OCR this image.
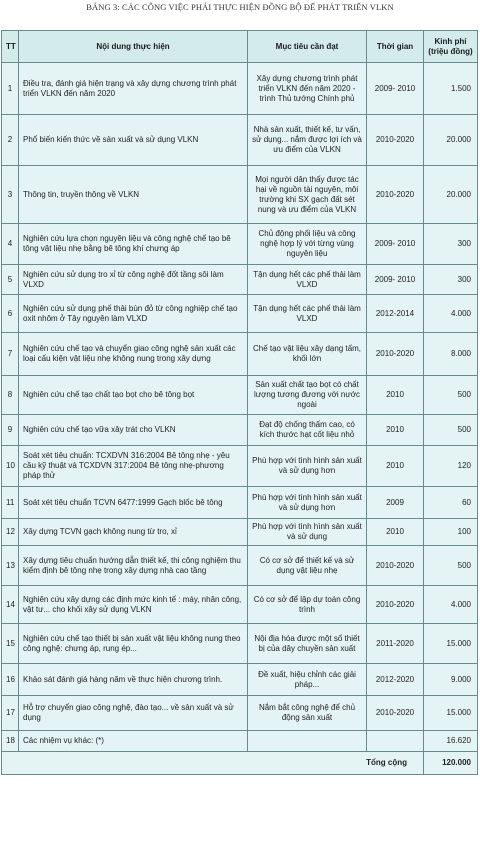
BẢNG 3: CÁC CÔNG VIỆC PHẢI THỰC HIỆN ĐỒNG BỘ ĐỂ PHÁT TRIỂN VLKN
TT	Nội dung thực hiện	Mục tiêu cần đạt	Thời gian	Kinh phí (triệu đồng)
1	Điều tra, đánh giá hiện trạng và xây dựng chương trình phát triển VLKN đến năm 2020	Xây dựng chương trình phát triển VLKN đến năm 2020 - trình Thủ tướng Chính phủ	2009- 2010	1.500
2	Phổ biến kiến thức về sản xuất và sử dụng VLKN	Nhà sản xuất, thiết kế, tư vấn, sử dụng... nắm được lợi ích và ưu điểm của VLKN	2010-2020	20.000
3	Thông tin, truyền thông về VLKN	Mọi người dân thấy được tác hại về nguồn tài nguyên, môi trường khi SX gạch đất sét nung và ưu điểm của VLKN	2010-2020	20.000
4	Nghiên cứu lựa chọn nguyên liệu và công nghệ chế tạo bê tông vật liệu nhẹ bằng bê tông khí chưng áp	Chủ động phối liệu và công nghệ hợp lý với từng vùng nguyên liệu	2009- 2010	300
5	Nghiên cứu sử dụng tro xỉ từ công nghệ đốt tầng sôi làm VLXD	Tận dụng hết các phế thải làm VLXD	2009- 2010	300
6	Nghiên cứu sử dụng phế thải bùn đỏ từ công nghiệp chế tạo oxit nhôm ở Tây nguyên làm VLXD	Tận dụng hết các phế thải làm VLXD	2012-2014	4.000
7	Nghiên cứu chế tạo và chuyển giao công nghệ sản xuất các loại cấu kiện vật liệu nhẹ không nung trong xây dựng	Chế tạo vật liệu xây dạng tấm, khối lớn	2010-2020	8.000
8	Nghiên cứu chế tạo chất tạo bọt cho bê tông bọt	Sản xuất chất tạo bọt có chất lượng tương đương với nước ngoài	2010	500
9	Nghiên cứu chế tạo vữa xây trát cho VLKN	Đạt độ chống thấm cao, có kích thước hạt cốt liệu nhỏ	2010	500
10	Soát xét tiêu chuẩn: TCXDVN 316:2004 Bê tông nhẹ - yêu cầu kỹ thuật và TCXDVN 317:2004 Bê tông nhẹ-phương pháp thử	Phù hợp với tình hình sản xuất và sử dụng hơn	2010	120
11	Soát xét tiêu chuẩn TCVN 6477:1999 Gạch blốc bê tông	Phù hợp với tình hình sản xuất và sử dụng hơn	2009	60
12	Xây dựng TCVN gạch không nung từ tro, xỉ	Phù hợp với tình hình sản xuất và sử dụng	2010	100
13	Xây dựng tiêu chuẩn hướng dẫn thiết kế, thi công nghiệm thu kiểm định bê tông nhẹ trong xây dựng nhà cao tầng	Có cơ sở để thiết kế và sử dụng vật liệu nhẹ	2010-2020	500
14	Nghiên cứu xây dựng các định mức kinh tế : máy, nhân công, vật tư... cho khối xây sử dụng VLKN	Có cơ sở để lập dự toán công trình	2010-2020	4.000
15	Nghiên cứu chế tạo thiết bị sản xuất vật liệu không nung theo công nghệ: chưng áp, rung ép...	Nội địa hóa được một số thiết bị của dây chuyền sản xuất	2011-2020	15.000
16	Khảo sát đánh giá hàng năm về thực hiện chương trình.	Đề xuất, hiệu chỉnh các giải pháp...	2012-2020	9.000
17	Hỗ trợ chuyển giao công nghệ, đào tạo... về sản xuất và sử dụng	Nắm bắt công nghệ để chủ động sản xuất	2010-2020	15.000
18	Các nhiệm vụ khác: (*)			16.620
Tổng cộng				120.000
